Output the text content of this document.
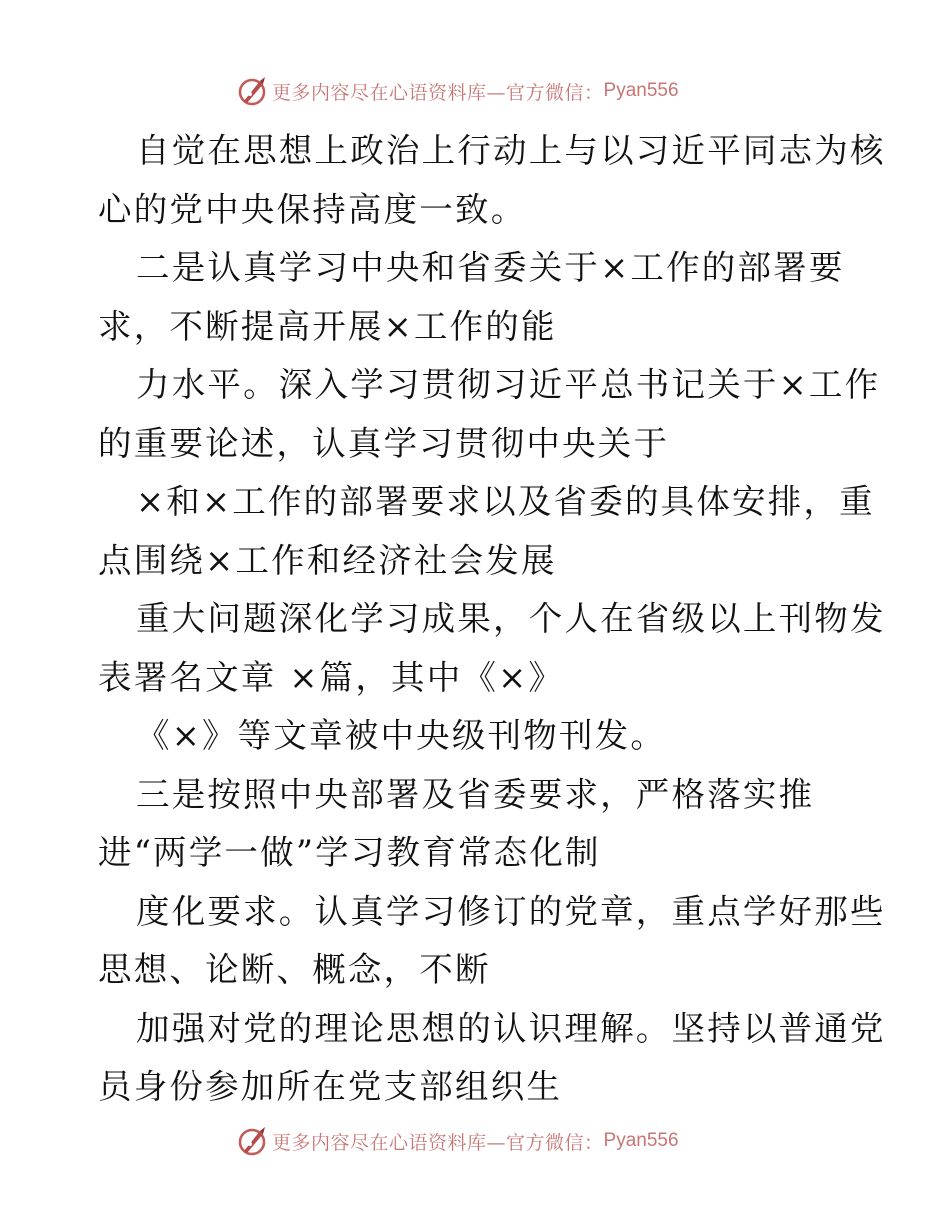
更多内容尽在心语资料库—官方微信： Pyan556
自觉在思想上政治上行动上与以习近平同志为核
心的党中央保持高度一致。
二是认真学习中央和省委关于×工作的部署要
求，不断提高开展×工作的能
力水平。深入学习贯彻习近平总书记关于×工作
的重要论述，认真学习贯彻中央关于
×和×工作的部署要求以及省委的具体安排，重
点围绕×工作和经济社会发展
重大问题深化学习成果，个人在省级以上刊物发
表署名文章 ×篇，其中《×》
《×》等文章被中央级刊物刊发。
三是按照中央部署及省委要求，严格落实推
进“两学一做”学习教育常态化制
度化要求。认真学习修订的党章，重点学好那些
思想、论断、概念，不断
加强对党的理论思想的认识理解。坚持以普通党
员身份参加所在党支部组织生
更多内容尽在心语资料库—官方微信： Pyan556
